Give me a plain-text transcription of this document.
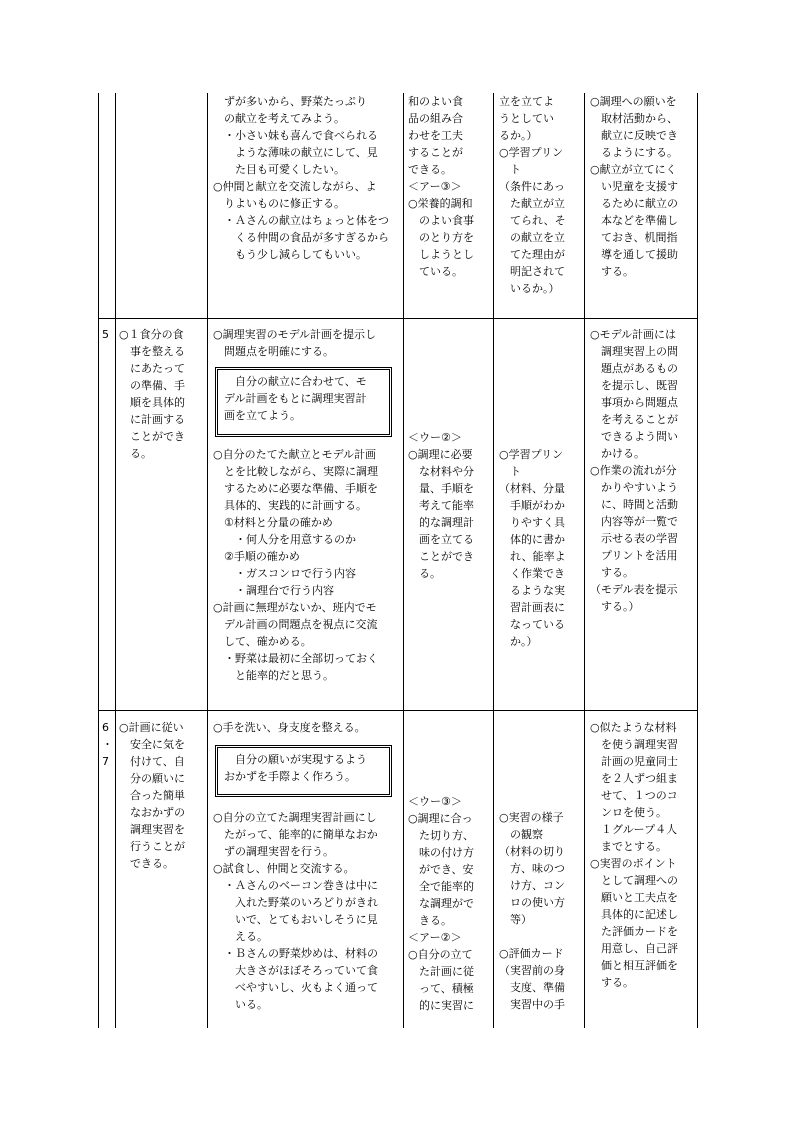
　ずが多いから、野菜たっぷり
　の献立を考えてみよう。
　・小さい妹も喜んで食べられる
　　ような薄味の献立にして、見
　　た目も可愛くしたい。
○仲間と献立を交流しながら、よ
　りよいものに修正する。
　・Ａさんの献立はちょっと体をつ
　　くる仲間の食品が多すぎるから
　　もう少し減らしてもいい。
和のよい食
品の組み合
わせを工夫
することが
できる。
＜アー③＞
○栄養的調和
　のよい食事
　のとり方を
　しようとし
　ている。
立を立てよ
うとしてい
るか。）
○学習プリン
　ト
（条件にあっ
　た献立が立
　てられ、そ
　の献立を立
　てた理由が
　明記されて
　いるか。）
○調理への願いを
　取材活動から、
　献立に反映でき
　るようにする。
○献立が立てにく
　い児童を支援す
　るために献立の
　本などを準備し
　ておき、机間指
　導を通して援助
　する。
5 ○１食分の食
　事を整える
　にあたって
　の準備、手
　順を具体的
　に計画する
　ことができ
　る。
○調理実習のモデル計画を提示し
　問題点を明確にする。
　自分の献立に合わせて、モ
デル計画をもとに調理実習計
画を立てよう。
○自分のたてた献立とモデル計画
　とを比較しながら、実際に調理
　するために必要な準備、手順を
　具体的、実践的に計画する。
　①材料と分量の確かめ
　　・何人分を用意するのか
　②手順の確かめ
　　・ガスコンロで行う内容
　　・調理台で行う内容
○計画に無理がないか、班内でモ
　デル計画の問題点を視点に交流
　して、確かめる。
　・野菜は最初に全部切っておく
　　と能率的だと思う。
＜ウー②＞
○調理に必要
　な材料や分
　量、手順を
　考えて能率
　的な調理計
　画を立てる
　ことができ
　る。
○学習プリン
　ト
（材料、分量
　手順がわか
　りやすく具
　体的に書か
　れ、能率よ
　く作業でき
　るような実
　習計画表に
　なっている
　か。）
○モデル計画には
　調理実習上の問
　題点があるもの
　を提示し、既習
　事項から問題点
　を考えることが
　できるよう問い
　かける。
○作業の流れが分
　かりやすいよう
　に、時間と活動
　内容等が一覧で
　示せる表の学習
　プリントを活用
　する。
（モデル表を提示
　する。）
6
・
7
○計画に従い
　安全に気を
　付けて、自
　分の願いに
　合った簡単
　なおかずの
　調理実習を
　行うことが
　できる。
○手を洗い、身支度を整える。
　自分の願いが実現するよう
おかずを手際よく作ろう。
○自分の立てた調理実習計画にし
　たがって、能率的に簡単なおか
　ずの調理実習を行う。
○試食し、仲間と交流する。
　・Ａさんのベーコン巻きは中に
　　入れた野菜のいろどりがきれ
　　いで、とてもおいしそうに見
　　える。
　・Ｂさんの野菜炒めは、材料の
　　大きさがほぼそろっていて食
　　べやすいし、火もよく通って
　　いる。
＜ウー③＞
○調理に合っ
　た切り方、
　味の付け方
　ができ、安
　全で能率的
　な調理がで
　きる。
＜アー②＞
○自分の立て
　た計画に従
　って、積極
　的に実習に
○実習の様子
　の観察
（材料の切り
　方、味のつ
　け方、コン
　ロの使い方
　等）
○評価カード
（実習前の身
　支度、準備
　実習中の手
○似たような材料
　を使う調理実習
　計画の児童同士
　を２人ずつ組ま
　せて、１つのコ
　ンロを使う。
　１グループ４人
　までとする。
○実習のポイント
　として調理への
　願いと工夫点を
　具体的に記述し
　た評価カードを
　用意し、自己評
　価と相互評価を
　する。
